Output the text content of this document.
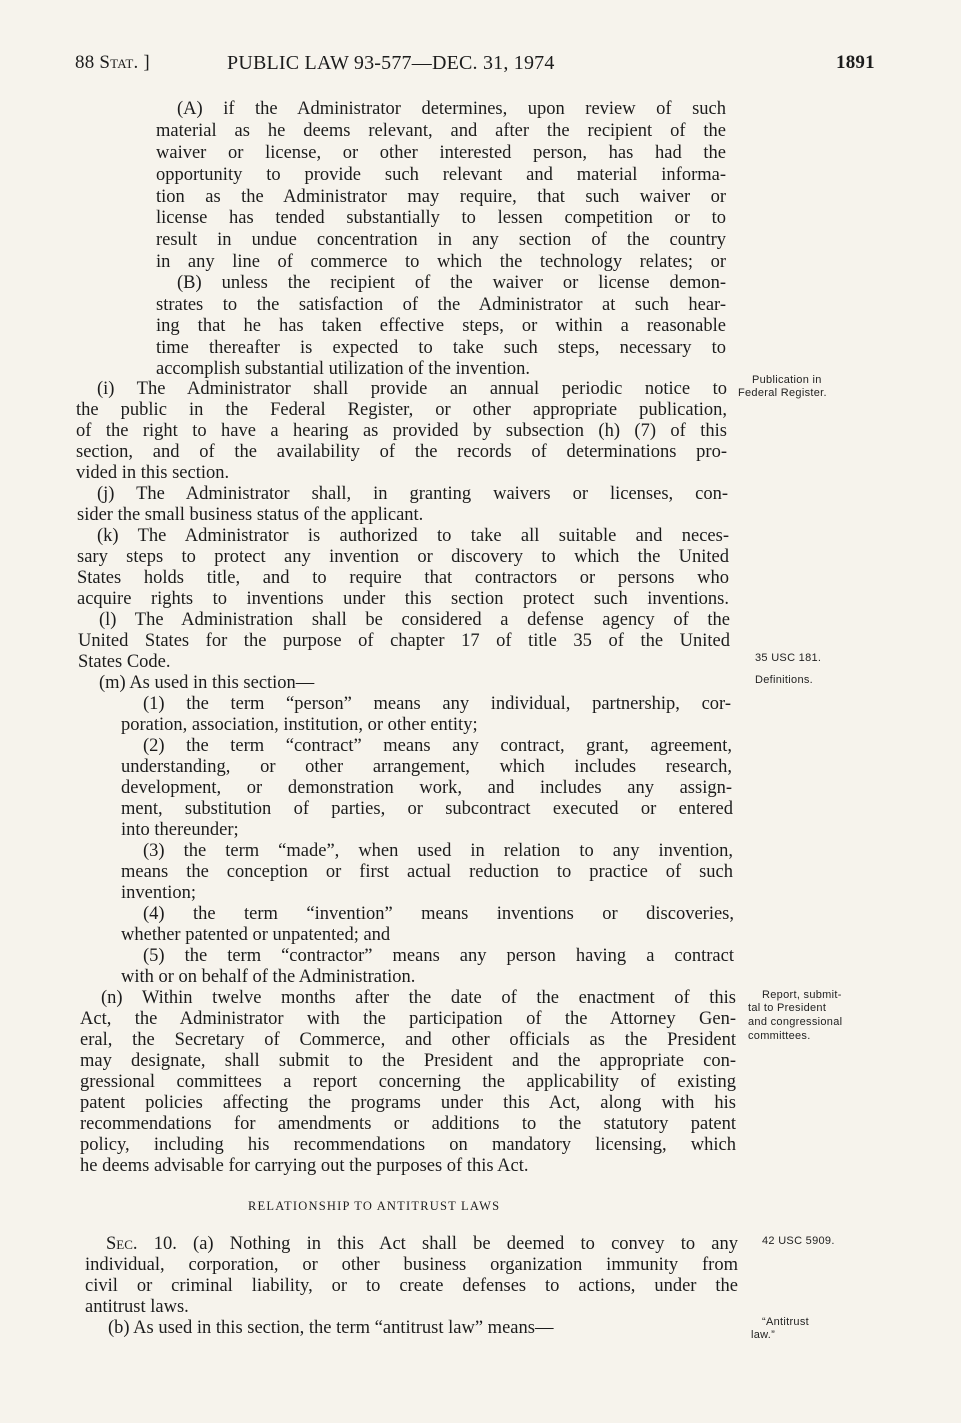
88 Stat. ]	PUBLIC LAW 93-577—DEC. 31, 1974	1891
(A) if the Administrator determines, upon review of such
material as he deems relevant, and after the recipient of the
waiver or license, or other interested person, has had the
opportunity to provide such relevant and material informa-
tion as the Administrator may require, that such waiver or
license has tended substantially to lessen competition or to
result in undue concentration in any section of the country
in any line of commerce to which the technology relates; or
(B) unless the recipient of the waiver or license demon-
strates to the satisfaction of the Administrator at such hear-
ing that he has taken effective steps, or within a reasonable
time thereafter is expected to take such steps, necessary to
accomplish substantial utilization of the invention.
(i) The Administrator shall provide an annual periodic notice to
the public in the Federal Register, or other appropriate publication,
of the right to have a hearing as provided by subsection (h) (7) of this
section, and of the availability of the records of determinations pro-
vided in this section.
(j) The Administrator shall, in granting waivers or licenses, con-
sider the small business status of the applicant.
(k) The Administrator is authorized to take all suitable and neces-
sary steps to protect any invention or discovery to which the United
States holds title, and to require that contractors or persons who
acquire rights to inventions under this section protect such inventions.
(l) The Administration shall be considered a defense agency of the
United States for the purpose of chapter 17 of title 35 of the United
States Code.
(m) As used in this section—
(1) the term “person” means any individual, partnership, cor-
poration, association, institution, or other entity;
(2) the term “contract” means any contract, grant, agreement,
understanding, or other arrangement, which includes research,
development, or demonstration work, and includes any assign-
ment, substitution of parties, or subcontract executed or entered
into thereunder;
(3) the term “made”, when used in relation to any invention,
means the conception or first actual reduction to practice of such
invention;
(4) the term “invention” means inventions or discoveries,
whether patented or unpatented; and
(5) the term “contractor” means any person having a contract
with or on behalf of the Administration.
(n) Within twelve months after the date of the enactment of this
Act, the Administrator with the participation of the Attorney Gen-
eral, the Secretary of Commerce, and other officials as the President
may designate, shall submit to the President and the appropriate con-
gressional committees a report concerning the applicability of existing
patent policies affecting the programs under this Act, along with his
recommendations for amendments or additions to the statutory patent
policy, including his recommendations on mandatory licensing, which
he deems advisable for carrying out the purposes of this Act.
RELATIONSHIP TO ANTITRUST LAWS
Sec. 10. (a) Nothing in this Act shall be deemed to convey to any
individual, corporation, or other business organization immunity from
civil or criminal liability, or to create defenses to actions, under the
antitrust laws.
(b) As used in this section, the term “antitrust law” means—
Publication in
Federal Register.
35 USC 181.
Definitions.
Report, submit-
tal to President
and congressional
committees.
42 USC 5909.
“Antitrust
law.”
